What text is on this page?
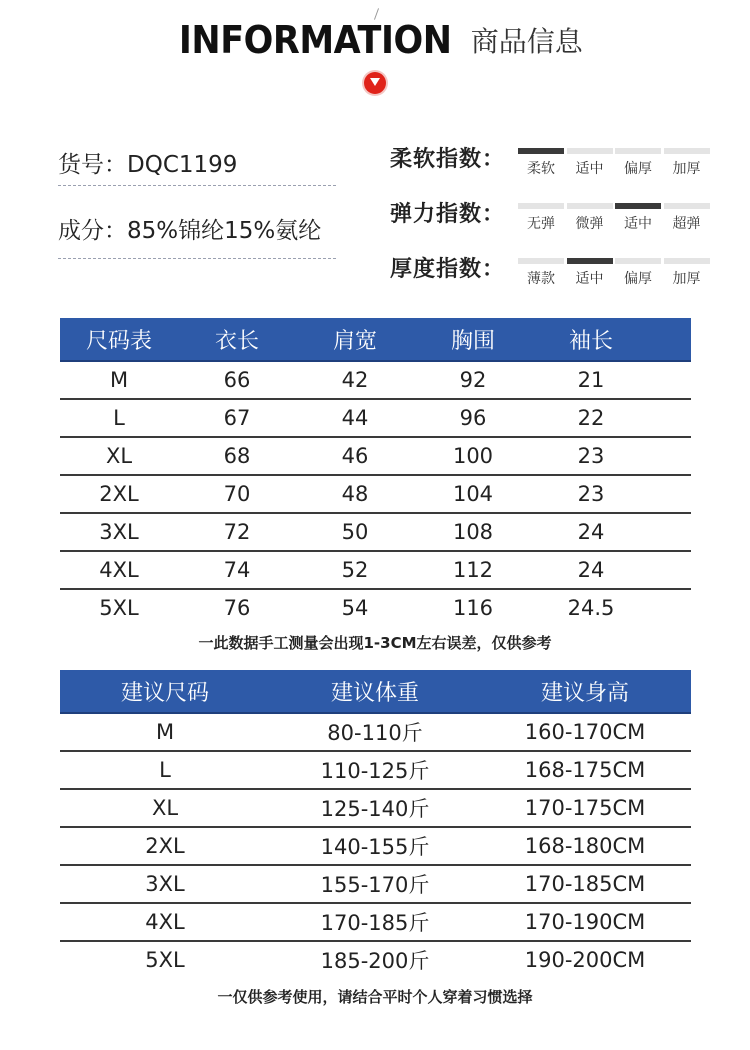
INFORMATION 商品信息
货号：DQC1199
成分：85%锦纶15%氨纶
柔软指数：	柔软	适中	偏厚	加厚
弹力指数：	无弹	微弹	适中	超弹
厚度指数：	薄款	适中	偏厚	加厚
尺码表	衣长	肩宽	胸围	袖长
M	66	42	92	21
L	67	44	96	22
XL	68	46	100	23
2XL	70	48	104	23
3XL	72	50	108	24
4XL	74	52	112	24
5XL	76	54	116	24.5
一此数据手工测量会出现1-3CM左右误差，仅供参考
建议尺码	建议体重	建议身高
M	80-110斤	160-170CM
L	110-125斤	168-175CM
XL	125-140斤	170-175CM
2XL	140-155斤	168-180CM
3XL	155-170斤	170-185CM
4XL	170-185斤	170-190CM
5XL	185-200斤	190-200CM
一仅供参考使用，请结合平时个人穿着习惯选择
